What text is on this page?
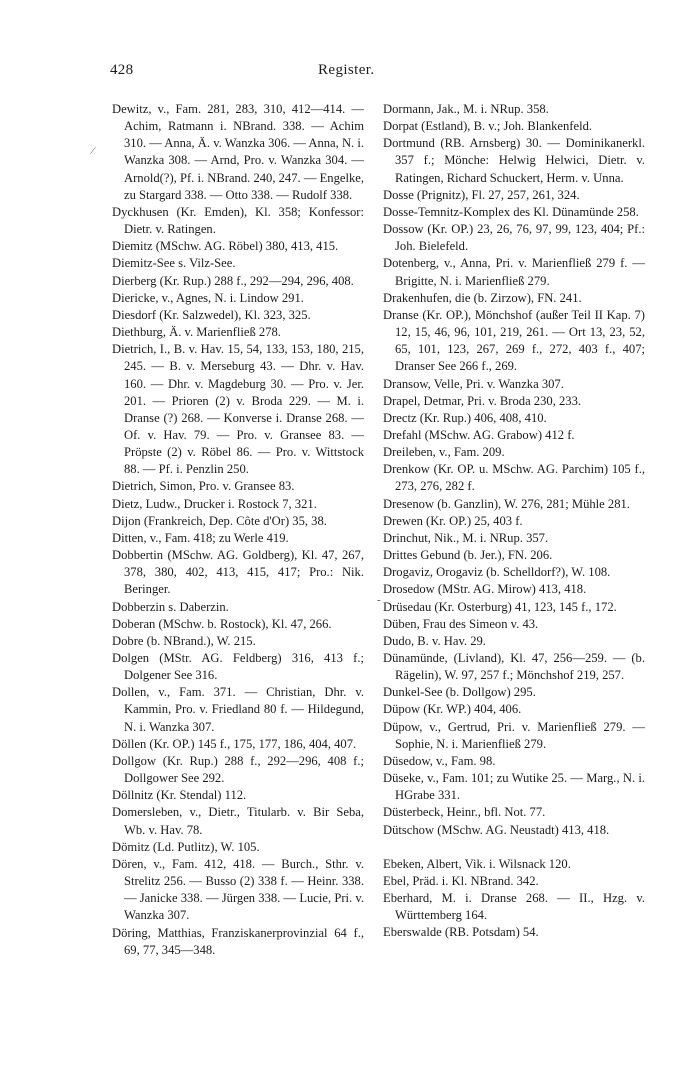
428	Register.
⁄
-

Dewitz, v., Fam. 281, 283, 310, 412—414. — Achim, Ratmann i. NBrand. 338. — Achim 310. — Anna, Ä. v. Wanzka 306. — Anna, N. i. Wanzka 308. — Arnd, Pro. v. Wanzka 304. — Arnold(?), Pf. i. NBrand. 240, 247. — Engelke, zu Stargard 338. — Otto 338. — Rudolf 338.

Dyckhusen (Kr. Emden), Kl. 358; Konfessor: Dietr. v. Ratingen.

Diemitz (MSchw. AG. Röbel) 380, 413, 415.

Diemitz-See s. Vilz-See.

Dierberg (Kr. Rup.) 288 f., 292—294, 296, 408.

Diericke, v., Agnes, N. i. Lindow 291.

Diesdorf (Kr. Salzwedel), Kl. 323, 325.

Diethburg, Ä. v. Marienfließ 278.

Dietrich, I., B. v. Hav. 15, 54, 133, 153, 180, 215, 245. — B. v. Merseburg 43. — Dhr. v. Hav. 160. — Dhr. v. Magdeburg 30. — Pro. v. Jer. 201. — Prioren (2) v. Broda 229. — M. i. Dranse (?) 268. — Konverse i. Dranse 268. — Of. v. Hav. 79. — Pro. v. Gransee 83. — Pröpste (2) v. Röbel 86. — Pro. v. Wittstock 88. — Pf. i. Penzlin 250.

Dietrich, Simon, Pro. v. Gransee 83.

Dietz, Ludw., Drucker i. Rostock 7, 321.

Dijon (Frankreich, Dep. Côte d'Or) 35, 38.

Ditten, v., Fam. 418; zu Werle 419.

Dobbertin (MSchw. AG. Goldberg), Kl. 47, 267, 378, 380, 402, 413, 415, 417; Pro.: Nik. Beringer.

Dobberzin s. Daberzin.

Doberan (MSchw. b. Rostock), Kl. 47, 266.

Dobre (b. NBrand.), W. 215.

Dolgen (MStr. AG. Feldberg) 316, 413 f.; Dolgener See 316.

Dollen, v., Fam. 371. — Christian, Dhr. v. Kammin, Pro. v. Friedland 80 f. — Hildegund, N. i. Wanzka 307.

Döllen (Kr. OP.) 145 f., 175, 177, 186, 404, 407.

Dollgow (Kr. Rup.) 288 f., 292—296, 408 f.; Dollgower See 292.

Döllnitz (Kr. Stendal) 112.

Domersleben, v., Dietr., Titularb. v. Bir Seba, Wb. v. Hav. 78.

Dömitz (Ld. Putlitz), W. 105.

Dören, v., Fam. 412, 418. — Burch., Sthr. v. Strelitz 256. — Busso (2) 338 f. — Heinr. 338. — Janicke 338. — Jürgen 338. — Lucie, Pri. v. Wanzka 307.

Döring, Matthias, Franziskanerprovinzial 64 f., 69, 77, 345—348.

Dormann, Jak., M. i. NRup. 358.

Dorpat (Estland), B. v.; Joh. Blankenfeld.

Dortmund (RB. Arnsberg) 30. — Dominikanerkl. 357 f.; Mönche: Helwig Helwici, Dietr. v. Ratingen, Richard Schuckert, Herm. v. Unna.

Dosse (Prignitz), Fl. 27, 257, 261, 324.

Dosse-Temnitz-Komplex des Kl. Dünamünde 258.

Dossow (Kr. OP.) 23, 26, 76, 97, 99, 123, 404; Pf.: Joh. Bielefeld.

Dotenberg, v., Anna, Pri. v. Marienfließ 279 f. — Brigitte, N. i. Marienfließ 279.

Drakenhufen, die (b. Zirzow), FN. 241.

Dranse (Kr. OP.), Mönchshof (außer Teil II Kap. 7) 12, 15, 46, 96, 101, 219, 261. — Ort 13, 23, 52, 65, 101, 123, 267, 269 f., 272, 403 f., 407; Dranser See 266 f., 269.

Dransow, Velle, Pri. v. Wanzka 307.

Drapel, Detmar, Pri. v. Broda 230, 233.

Drectz (Kr. Rup.) 406, 408, 410.

Drefahl (MSchw. AG. Grabow) 412 f.

Dreileben, v., Fam. 209.

Drenkow (Kr. OP. u. MSchw. AG. Parchim) 105 f., 273, 276, 282 f.

Dresenow (b. Ganzlin), W. 276, 281; Mühle 281.

Drewen (Kr. OP.) 25, 403 f.

Drinchut, Nik., M. i. NRup. 357.

Drittes Gebund (b. Jer.), FN. 206.

Drogaviz, Orogaviz (b. Schelldorf?), W. 108.

Drosedow (MStr. AG. Mirow) 413, 418.

Drüsedau (Kr. Osterburg) 41, 123, 145 f., 172.

Düben, Frau des Simeon v. 43.

Dudo, B. v. Hav. 29.

Dünamünde, (Livland), Kl. 47, 256—259. — (b. Rägelin), W. 97, 257 f.; Mönchshof 219, 257.

Dunkel-See (b. Dollgow) 295.

Düpow (Kr. WP.) 404, 406.

Düpow, v., Gertrud, Pri. v. Marienfließ 279. — Sophie, N. i. Marienfließ 279.

Düsedow, v., Fam. 98.

Düseke, v., Fam. 101; zu Wutike 25. — Marg., N. i. HGrabe 331.

Düsterbeck, Heinr., bfl. Not. 77.

Dütschow (MSchw. AG. Neustadt) 413, 418.

Ebeken, Albert, Vik. i. Wilsnack 120.

Ebel, Präd. i. Kl. NBrand. 342.

Eberhard, M. i. Dranse 268. — II., Hzg. v. Württemberg 164.

Eberswalde (RB. Potsdam) 54.
